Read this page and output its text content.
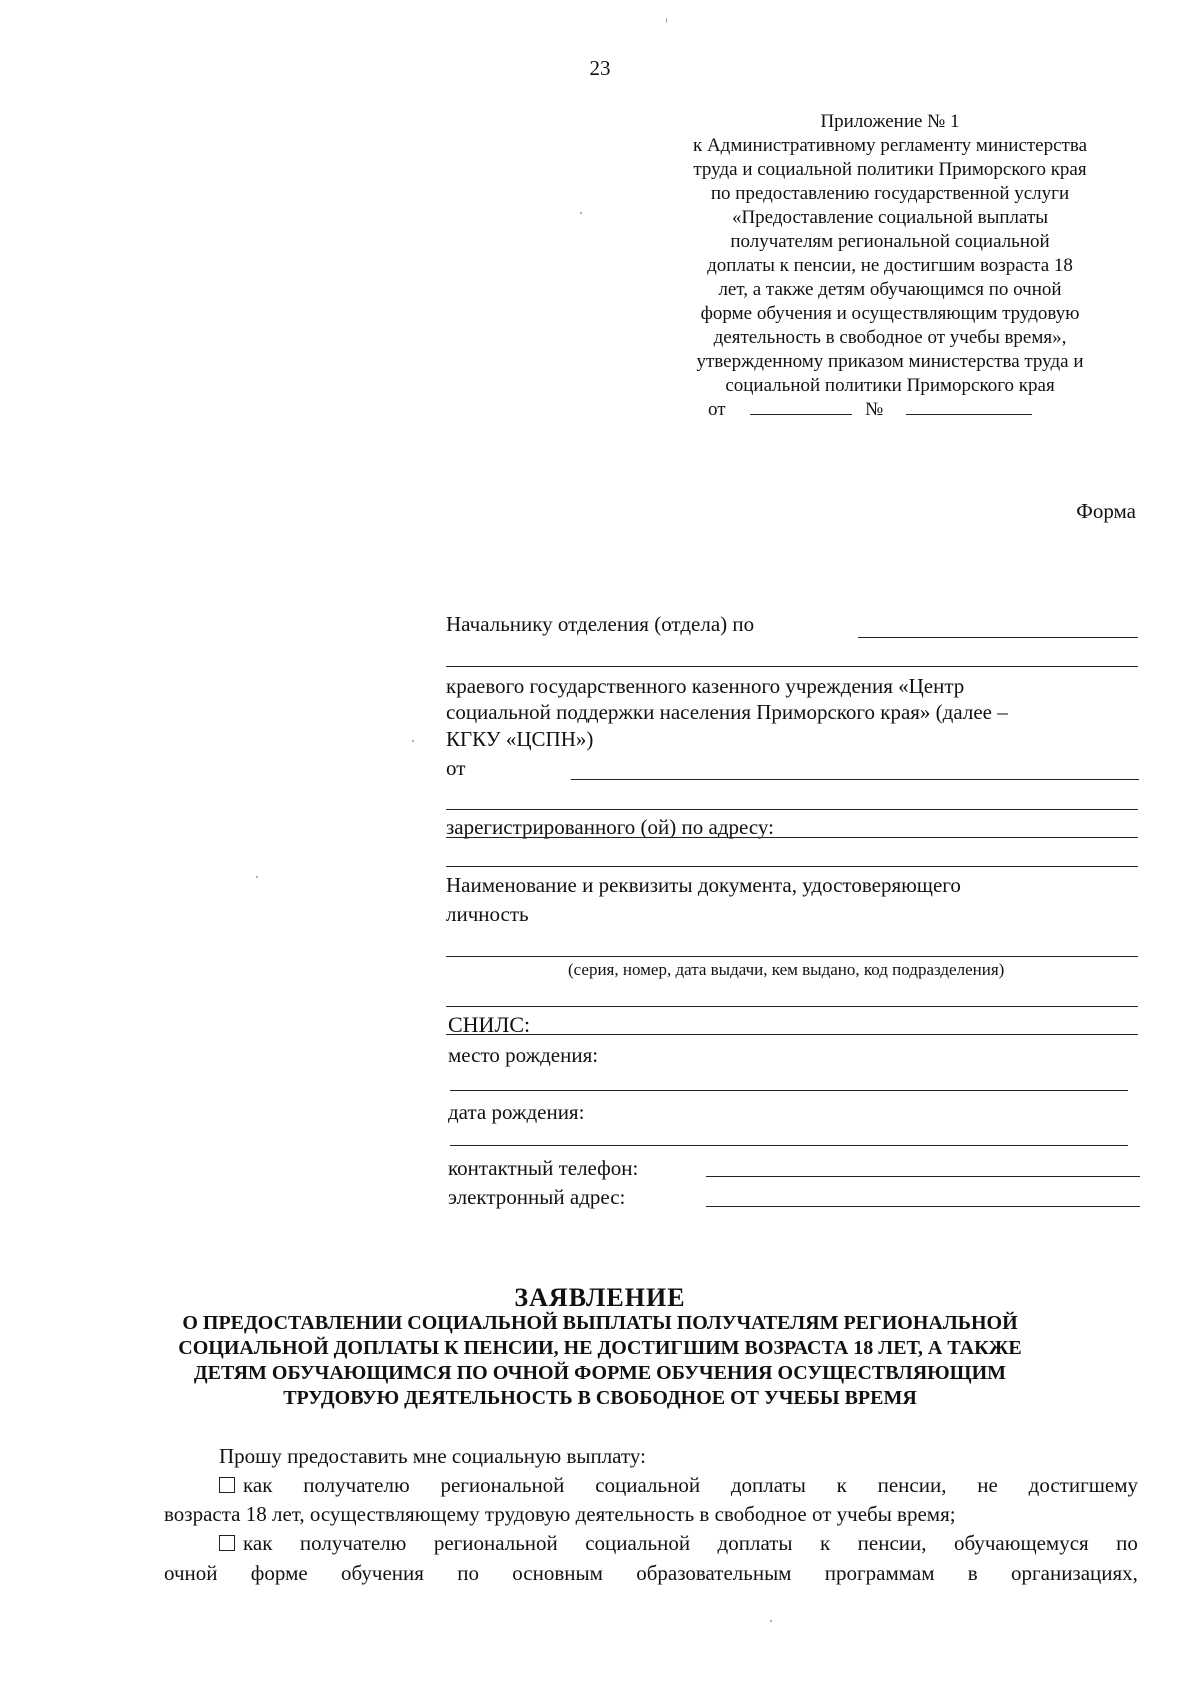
23
Приложение № 1
к Административному регламенту министерства
труда и социальной политики Приморского края
по предоставлению государственной услуги
«Предоставление социальной выплаты
получателям региональной социальной
доплаты к пенсии, не достигшим возраста 18
лет, а также детям обучающимся по очной
форме обучения и осуществляющим трудовую
деятельность в свободное от учебы время»,
утвержденному приказом министерства труда и
социальной политики Приморского края
от	№
Форма
Начальнику отделения (отдела) по
краевого государственного казенного учреждения «Центр
социальной поддержки населения Приморского края» (далее –
КГКУ «ЦСПН»)
от
зарегистрированного (ой) по адресу:
Наименование и реквизиты документа, удостоверяющего
личность
(серия, номер, дата выдачи, кем выдано, код подразделения)
СНИЛС:
место рождения:
дата рождения:
контактный телефон:
электронный адрес:
ЗАЯВЛЕНИЕ
О ПРЕДОСТАВЛЕНИИ СОЦИАЛЬНОЙ ВЫПЛАТЫ ПОЛУЧАТЕЛЯМ РЕГИОНАЛЬНОЙ
СОЦИАЛЬНОЙ ДОПЛАТЫ К ПЕНСИИ, НЕ ДОСТИГШИМ ВОЗРАСТА 18 ЛЕТ, А ТАКЖЕ
ДЕТЯМ ОБУЧАЮЩИМСЯ ПО ОЧНОЙ ФОРМЕ ОБУЧЕНИЯ ОСУЩЕСТВЛЯЮЩИМ
ТРУДОВУЮ ДЕЯТЕЛЬНОСТЬ В СВОБОДНОЕ ОТ УЧЕБЫ ВРЕМЯ
Прошу предоставить мне социальную выплату:
как получателю региональной социальной доплаты к пенсии, не достигшему
возраста 18 лет, осуществляющему трудовую деятельность в свободное от учебы время;
как получателю региональной социальной доплаты к пенсии, обучающемуся по
очной форме обучения по основным образовательным программам в организациях,
